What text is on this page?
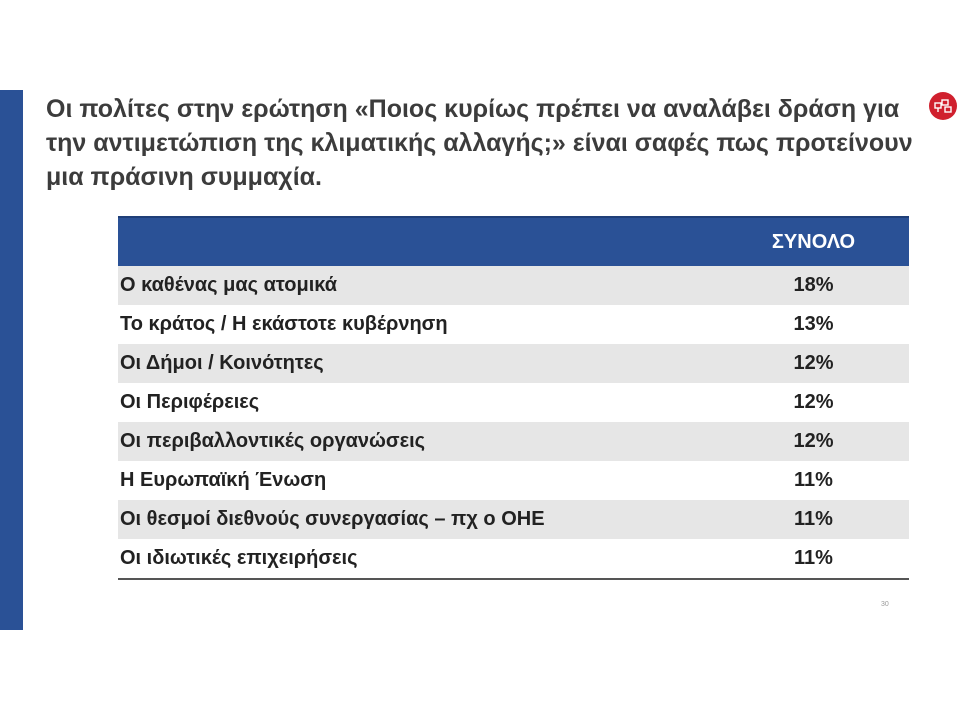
Οι πολίτες στην ερώτηση «Ποιος κυρίως πρέπει να αναλάβει δράση για την αντιμετώπιση της κλιματικής αλλαγής;» είναι σαφές πως προτείνουν μια πράσινη συμμαχία.
	ΣΥΝΟΛΟ
Ο καθένας μας ατομικά	18%
Το κράτος / Η εκάστοτε κυβέρνηση	13%
Οι Δήμοι / Κοινότητες	12%
Οι Περιφέρειες	12%
Οι περιβαλλοντικές οργανώσεις	12%
Η Ευρωπαϊκή Ένωση	11%
Οι θεσμοί διεθνούς συνεργασίας – πχ ο ΟΗΕ	11%
Οι ιδιωτικές επιχειρήσεις	11%
30
